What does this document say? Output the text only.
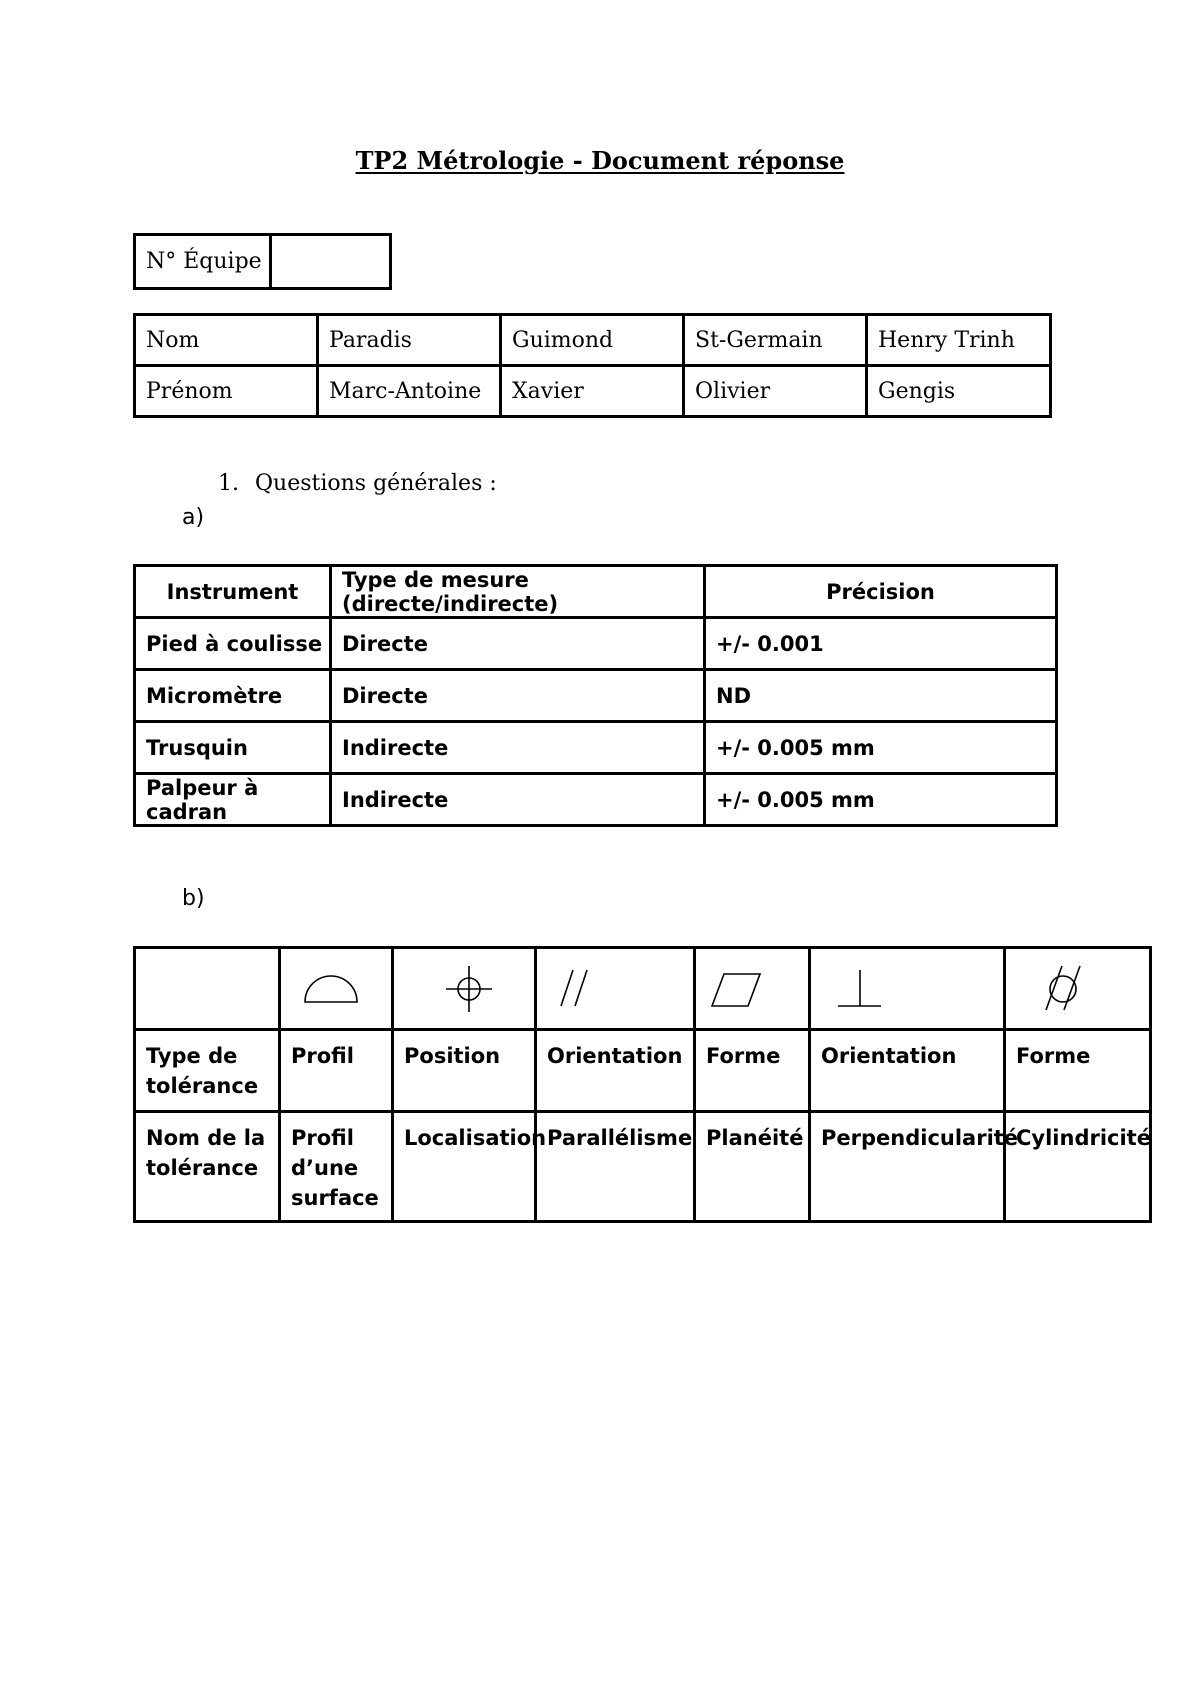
TP2 Métrologie - Document réponse
N° Équipe	
Nom	Paradis	Guimond	St-Germain	Henry Trinh
Prénom	Marc-Antoine	Xavier	Olivier	Gengis
1. Questions générales :
a)
Instrument	Type de mesure (directe/indirecte)	Précision
Pied à coulisse	Directe	+/- 0.001
Micromètre	Directe	ND
Trusquin	Indirecte	+/- 0.005 mm
Palpeur à cadran	Indirecte	+/- 0.005 mm
b)

Type de tolérance	Profil	Position	Orientation	Forme	Orientation	Forme
Nom de la tolérance	Profil d’une surface	Localisation	Parallélisme	Planéité	Perpendicularité	Cylindricité
